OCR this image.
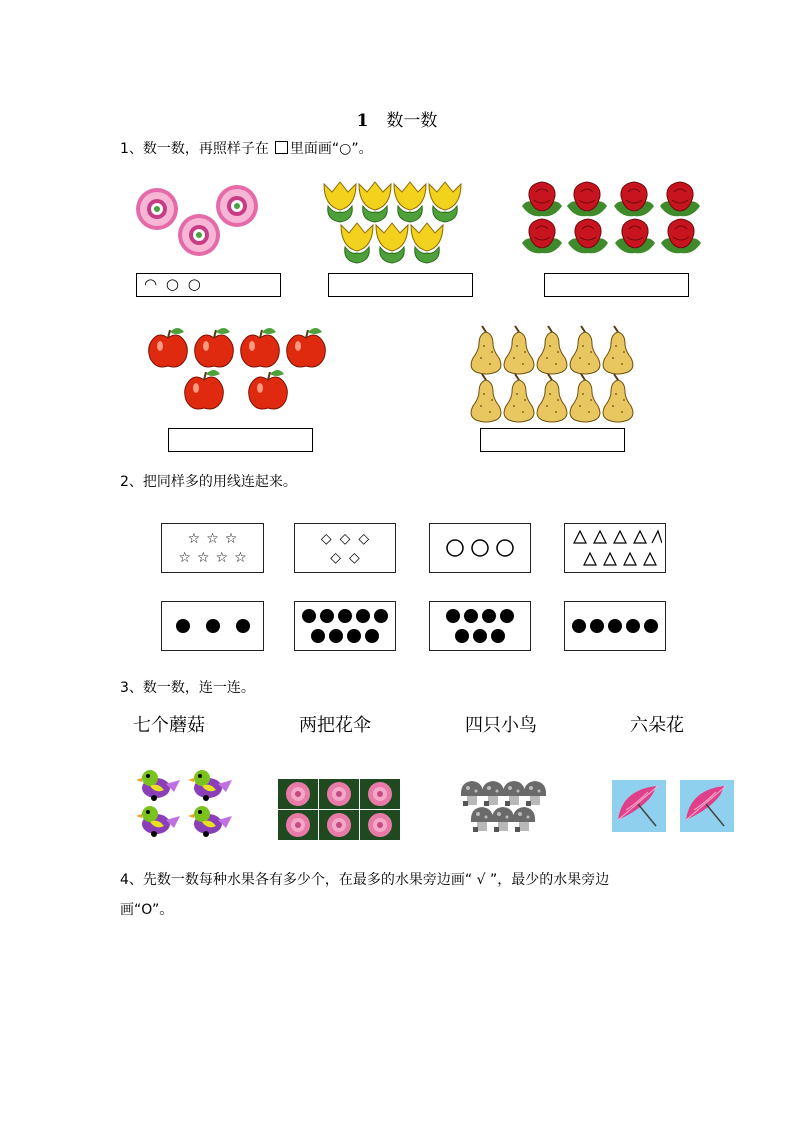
1 数一数
1、数一数，再照样子在 里面画“○”。
◠ ○ ○
2、把同样多的用线连起来。
☆ ☆ ☆
☆ ☆ ☆ ☆
◇ ◇ ◇
◇ ◇
3、数一数，连一连。
七个蘑菇	两把花伞	四只小鸟	六朵花
4、先数一数每种水果各有多少个，在最多的水果旁边画“ √ ”，最少的水果旁边
画“O”。
